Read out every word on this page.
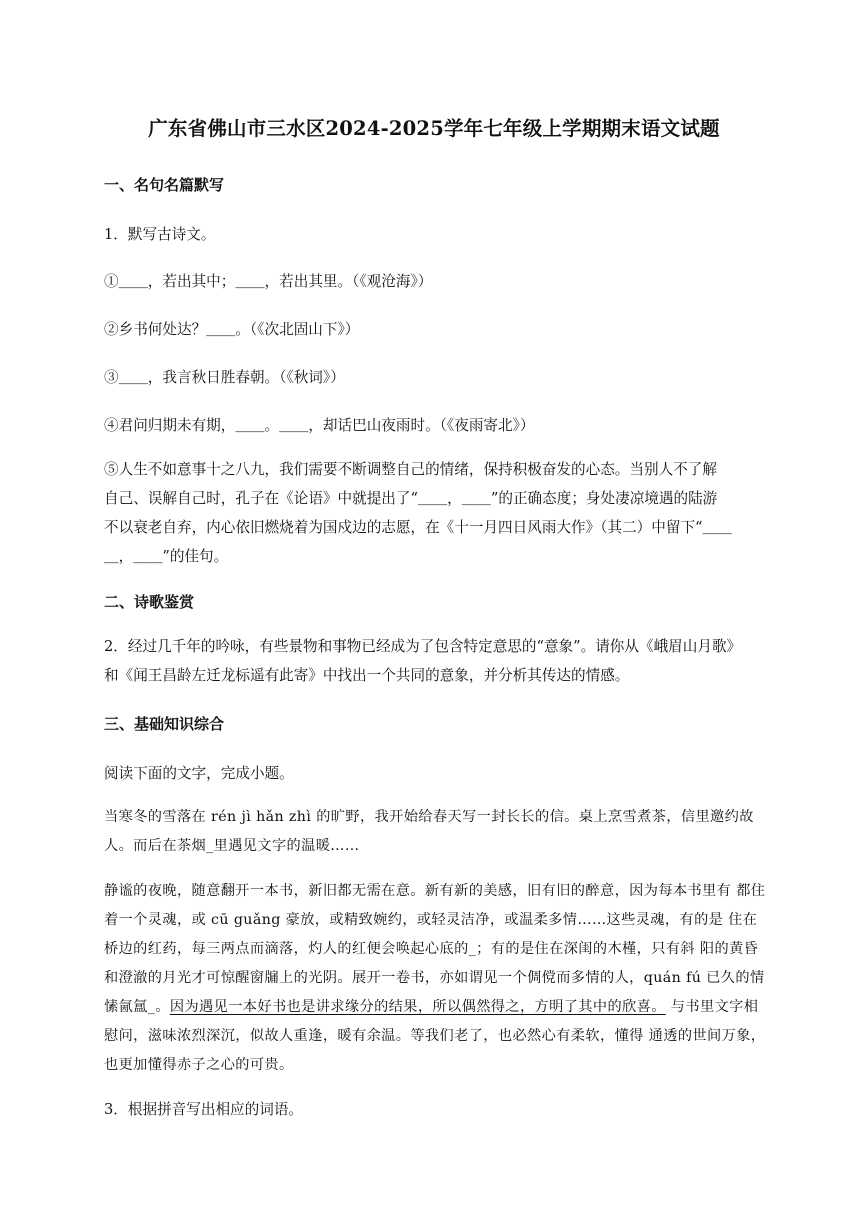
广东省佛山市三水区2024-2025学年七年级上学期期末语文试题
一、名句名篇默写
1．默写古诗文。
①＿＿，若出其中；＿＿，若出其里。（《观沧海》）
②乡书何处达？＿＿。（《次北固山下》）
③＿＿，我言秋日胜春朝。（《秋词》）
④君问归期未有期，＿＿。＿＿，却话巴山夜雨时。（《夜雨寄北》）
⑤人生不如意事十之八九，我们需要不断调整自己的情绪，保持积极奋发的心态。当别人不了解
自己、误解自己时，孔子在《论语》中就提出了“＿＿，＿＿”的正确态度；身处凄凉境遇的陆游
不以衰老自弃，内心依旧燃烧着为国戍边的志愿，在《十一月四日风雨大作》（其二）中留下“＿＿
＿，＿＿”的佳句。
二、诗歌鉴赏
2．经过几千年的吟咏，有些景物和事物已经成为了包含特定意思的“意象”。请你从《峨眉山月歌》
和《闻王昌龄左迁龙标遥有此寄》中找出一个共同的意象，并分析其传达的情感。
三、基础知识综合
阅读下面的文字，完成小题。
当寒冬的雪落在 rén jì hǎn zhì 的旷野，我开始给春天写一封长长的信。桌上烹雪煮茶，信里邀约故 人。而后在茶烟_里遇见文字的温暖……
静谧的夜晚，随意翻开一本书，新旧都无需在意。新有新的美感，旧有旧的醉意，因为每本书里有 都住着一个灵魂，或 cū guǎng 豪放，或精致婉约，或轻灵洁净，或温柔多情……这些灵魂，有的是 住在桥边的红药，每三两点而滴落，灼人的红便会唤起心底的_；有的是住在深闺的木槿，只有斜 阳的黄昏和澄澈的月光才可惊醒窗牖上的光阴。展开一卷书，亦如谓见一个倜傥而多情的人，quán fú 已久的情愫氤氲_。因为遇见一本好书也是讲求缘分的结果，所以偶然得之，方明了其中的欣喜。 与书里文字相慰问，滋味浓烈深沉，似故人重逢，暖有余温。等我们老了，也必然心有柔软，懂得 通透的世间万象，也更加懂得赤子之心的可贵。
3．根据拼音写出相应的词语。
